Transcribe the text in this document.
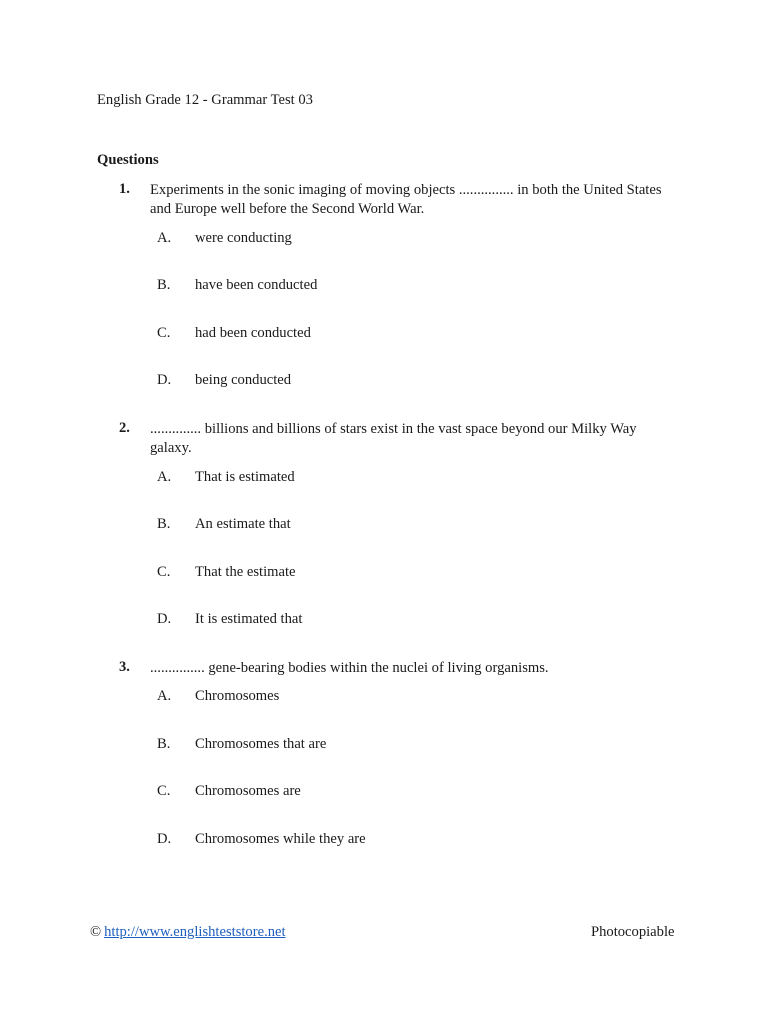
English Grade 12 - Grammar Test 03
Questions
1. Experiments in the sonic imaging of moving objects ............... in both the United States and Europe well before the Second World War.
A. were conducting
B. have been conducted
C. had been conducted
D. being conducted
2. .............. billions and billions of stars exist in the vast space beyond our Milky Way galaxy.
A. That is estimated
B. An estimate that
C. That the estimate
D. It is estimated that
3. ............... gene-bearing bodies within the nuclei of living organisms.
A. Chromosomes
B. Chromosomes that are
C. Chromosomes are
D. Chromosomes while they are
© http://www.englishteststore.net	Photocopiable
